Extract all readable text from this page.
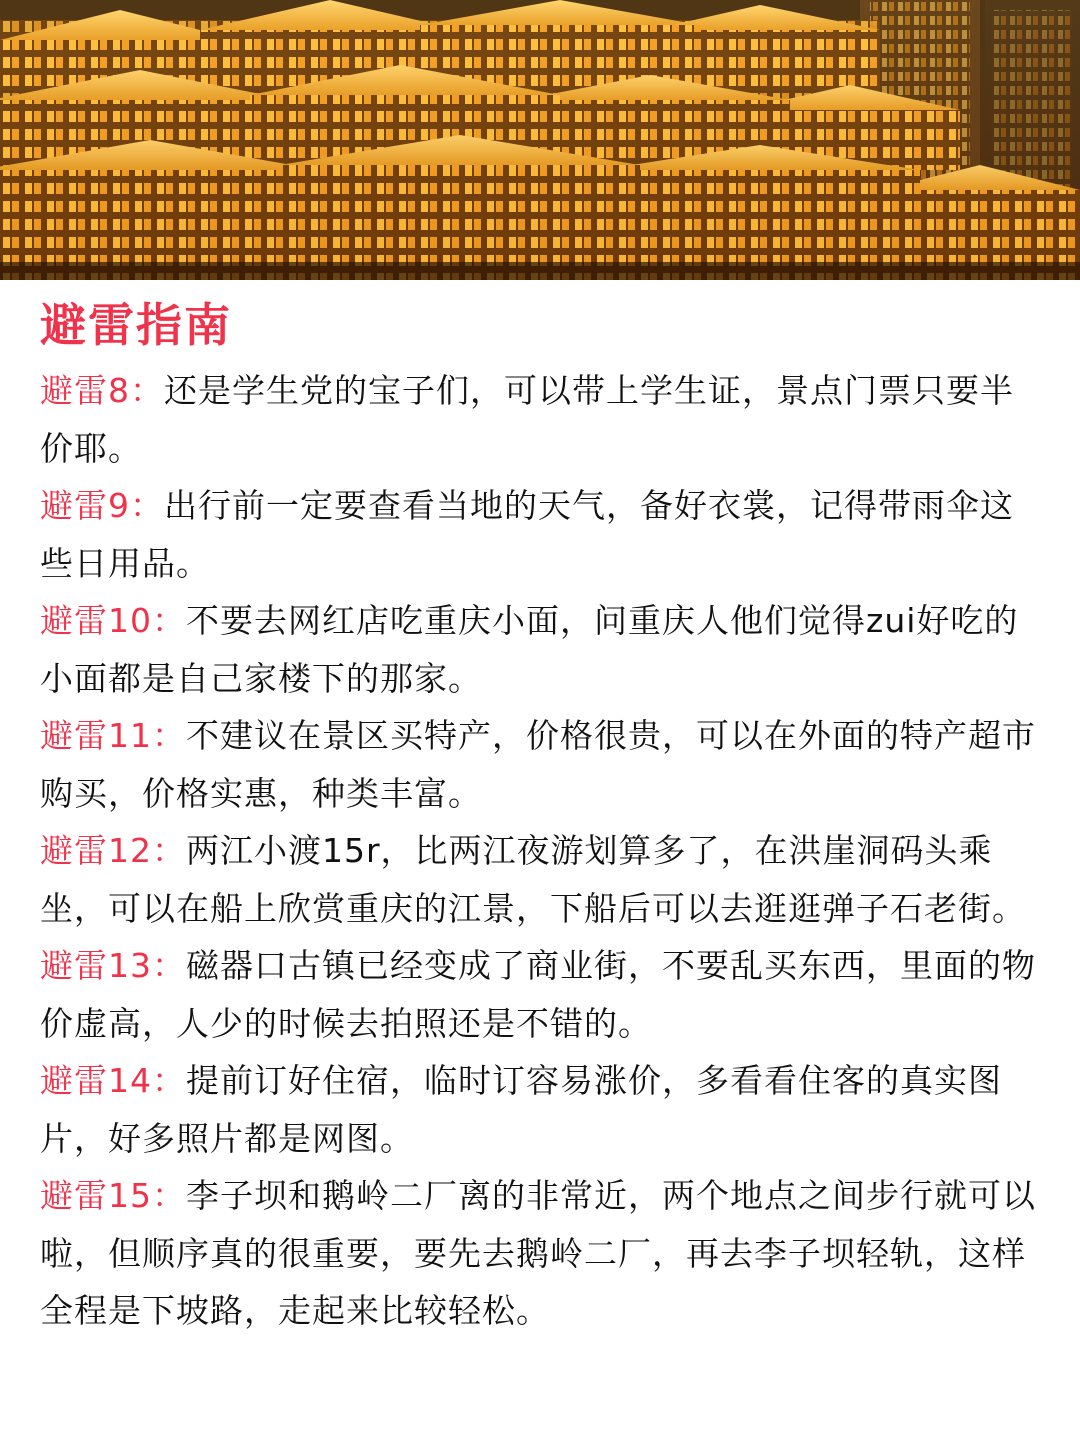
避雷指南

避雷8：还是学生党的宝子们，可以带上学生证，景点门票只要半价耶。

避雷9：出行前一定要查看当地的天气，备好衣裳，记得带雨伞这些日用品。

避雷10：不要去网红店吃重庆小面，问重庆人他们觉得zui好吃的小面都是自己家楼下的那家。

避雷11：不建议在景区买特产，价格很贵，可以在外面的特产超市购买，价格实惠，种类丰富。

避雷12：两江小渡15r，比两江夜游划算多了，在洪崖洞码头乘坐，可以在船上欣赏重庆的江景，下船后可以去逛逛弹子石老街。

避雷13：磁器口古镇已经变成了商业街，不要乱买东西，里面的物价虚高，人少的时候去拍照还是不错的。

避雷14：提前订好住宿，临时订容易涨价，多看看住客的真实图片，好多照片都是网图。

避雷15：李子坝和鹅岭二厂离的非常近，两个地点之间步行就可以啦，但顺序真的很重要，要先去鹅岭二厂，再去李子坝轻轨，这样全程是下坡路，走起来比较轻松。
